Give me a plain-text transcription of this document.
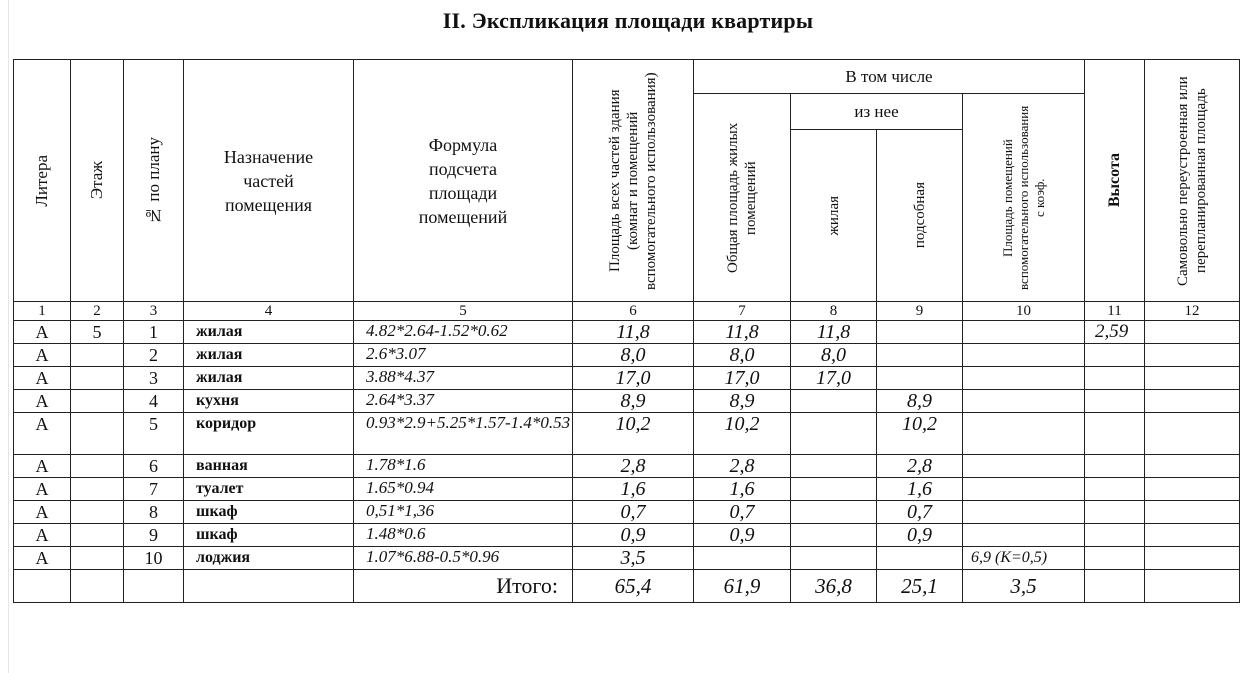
II. Экспликация площади квартиры
Литера	Этаж	№ по плану	Назначение частей помещения	Формула подсчета площади помещений	Площадь всех частей здания (комнат и помещений вспомогательного использования)	В том числе				Высота	Самовольно переустроенная или перепланированная площадь

						Общая площадь жилых помещений	из нее		Площадь помещений вспомогательного использования с коэф.		

							жилая	подсобная			

1	2	3	4	5	6	7	8	9	10	11	12
А	5	1	жилая	4.82*2.64-1.52*0.62	11,8	11,8	11,8			2,59	
А		2	жилая	2.6*3.07	8,0	8,0	8,0				
А		3	жилая	3.88*4.37	17,0	17,0	17,0				
А		4	кухня	2.64*3.37	8,9	8,9		8,9			
А		5	коридор	0.93*2.9+5.25*1.57-1.4*0.53	10,2	10,2		10,2			
А		6	ванная	1.78*1.6	2,8	2,8		2,8			
А		7	туалет	1.65*0.94	1,6	1,6		1,6			
А		8	шкаф	0,51*1,36	0,7	0,7		0,7			
А		9	шкаф	1.48*0.6	0,9	0,9		0,9			
А		10	лоджия	1.07*6.88-0.5*0.96	3,5				6,9 (К=0,5)		
				Итого:	65,4	61,9	36,8	25,1	3,5		
